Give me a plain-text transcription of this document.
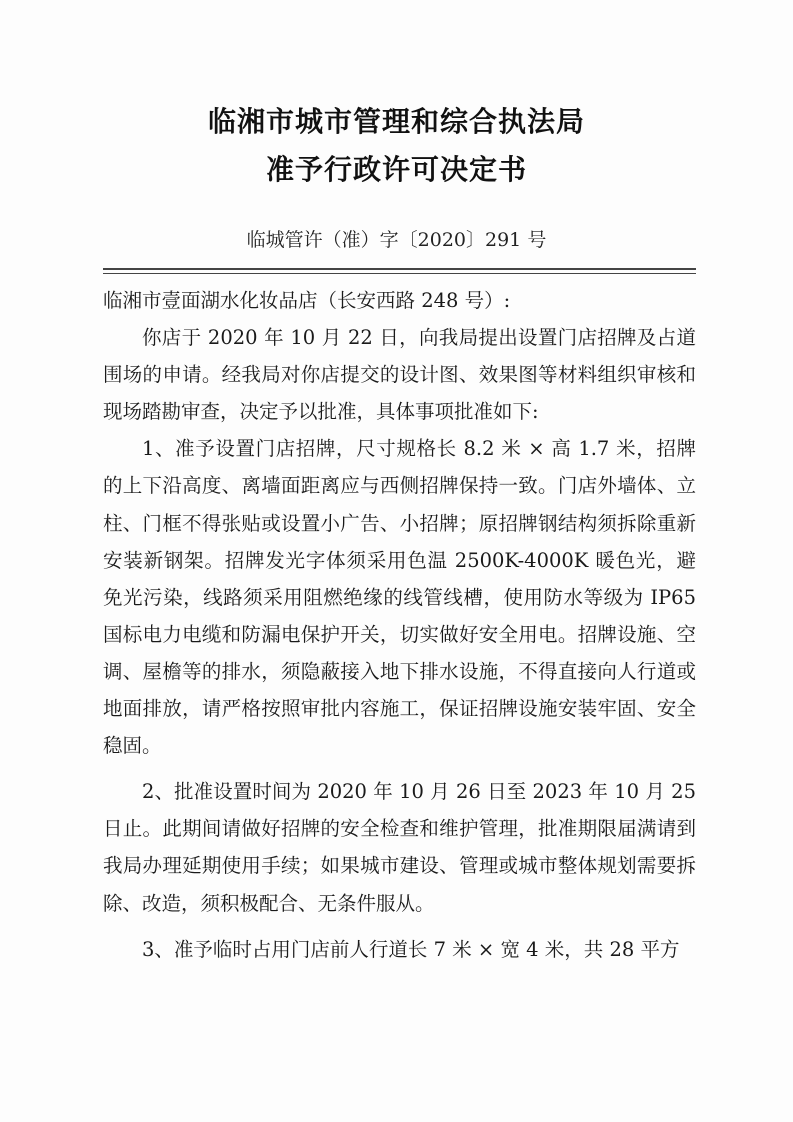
临湘市城市管理和综合执法局
准予行政许可决定书
临城管许（准）字〔2020〕291 号

临湘市壹面湖水化妆品店（长安西路 248 号）:

你店于 2020 年 10 月 22 日，向我局提出设置门店招牌及占道围场的申请。经我局对你店提交的设计图、效果图等材料组织审核和现场踏勘审查，决定予以批准，具体事项批准如下:

1、准予设置门店招牌，尺寸规格长 8.2 米 × 高 1.7 米，招牌的上下沿高度、离墙面距离应与西侧招牌保持一致。门店外墙体、立柱、门框不得张贴或设置小广告、小招牌；原招牌钢结构须拆除重新安装新钢架。招牌发光字体须采用色温 2500K-4000K 暖色光，避免光污染，线路须采用阻燃绝缘的线管线槽，使用防水等级为 IP65 国标电力电缆和防漏电保护开关，切实做好安全用电。招牌设施、空调、屋檐等的排水，须隐蔽接入地下排水设施，不得直接向人行道或地面排放，请严格按照审批内容施工，保证招牌设施安装牢固、安全稳固。

2、批准设置时间为 2020 年 10 月 26 日至 2023 年 10 月 25 日止。此期间请做好招牌的安全检查和维护管理，批准期限届满请到我局办理延期使用手续；如果城市建设、管理或城市整体规划需要拆除、改造，须积极配合、无条件服从。

3、准予临时占用门店前人行道长 7 米 × 宽 4 米，共 28 平方
